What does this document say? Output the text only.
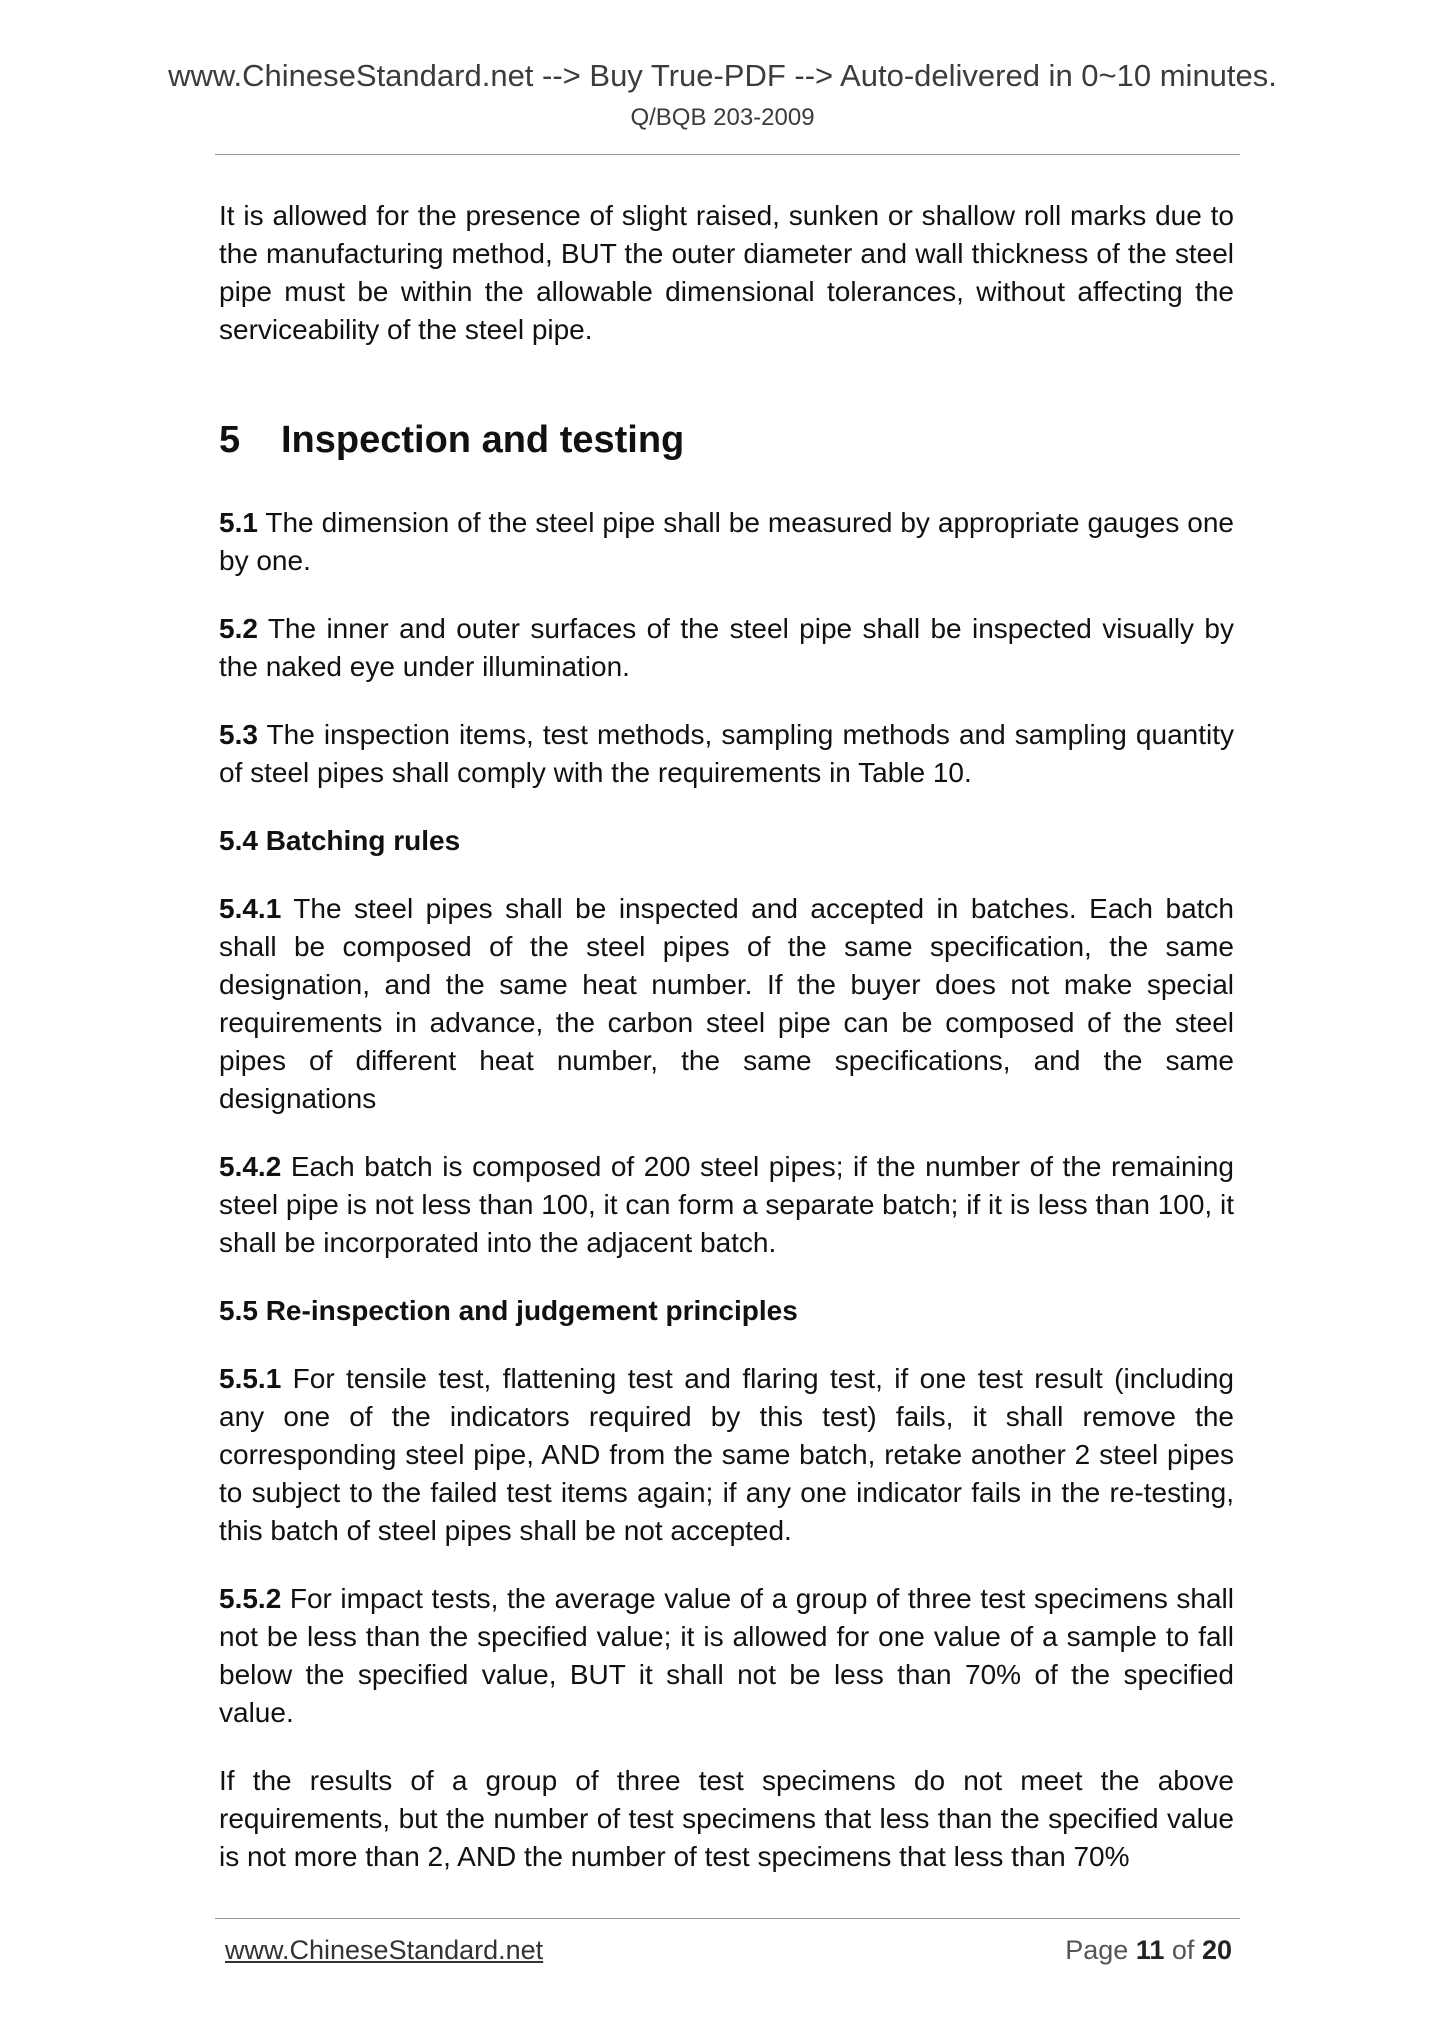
www.ChineseStandard.net --> Buy True-PDF --> Auto-delivered in 0~10 minutes.
Q/BQB 203-2009

It is allowed for the presence of slight raised, sunken or shallow roll marks due to the manufacturing method, BUT the outer diameter and wall thickness of the steel pipe must be within the allowable dimensional tolerances, without affecting the serviceability of the steel pipe.

5	Inspection and testing

5.1 The dimension of the steel pipe shall be measured by appropriate gauges one by one.

5.2 The inner and outer surfaces of the steel pipe shall be inspected visually by the naked eye under illumination.

5.3 The inspection items, test methods, sampling methods and sampling quantity of steel pipes shall comply with the requirements in Table 10.

5.4 Batching rules

5.4.1 The steel pipes shall be inspected and accepted in batches. Each batch shall be composed of the steel pipes of the same specification, the same designation, and the same heat number. If the buyer does not make special requirements in advance, the carbon steel pipe can be composed of the steel pipes of different heat number, the same specifications, and the same designations

5.4.2 Each batch is composed of 200 steel pipes; if the number of the remaining steel pipe is not less than 100, it can form a separate batch; if it is less than 100, it shall be incorporated into the adjacent batch.

5.5 Re-inspection and judgement principles

5.5.1 For tensile test, flattening test and flaring test, if one test result (including any one of the indicators required by this test) fails, it shall remove the corresponding steel pipe, AND from the same batch, retake another 2 steel pipes to subject to the failed test items again; if any one indicator fails in the re-testing, this batch of steel pipes shall be not accepted.

5.5.2 For impact tests, the average value of a group of three test specimens shall not be less than the specified value; it is allowed for one value of a sample to fall below the specified value, BUT it shall not be less than 70% of the specified value.

If the results of a group of three test specimens do not meet the above requirements, but the number of test specimens that less than the specified value is not more than 2, AND the number of test specimens that less than 70%

www.ChineseStandard.net	Page 11 of 20
